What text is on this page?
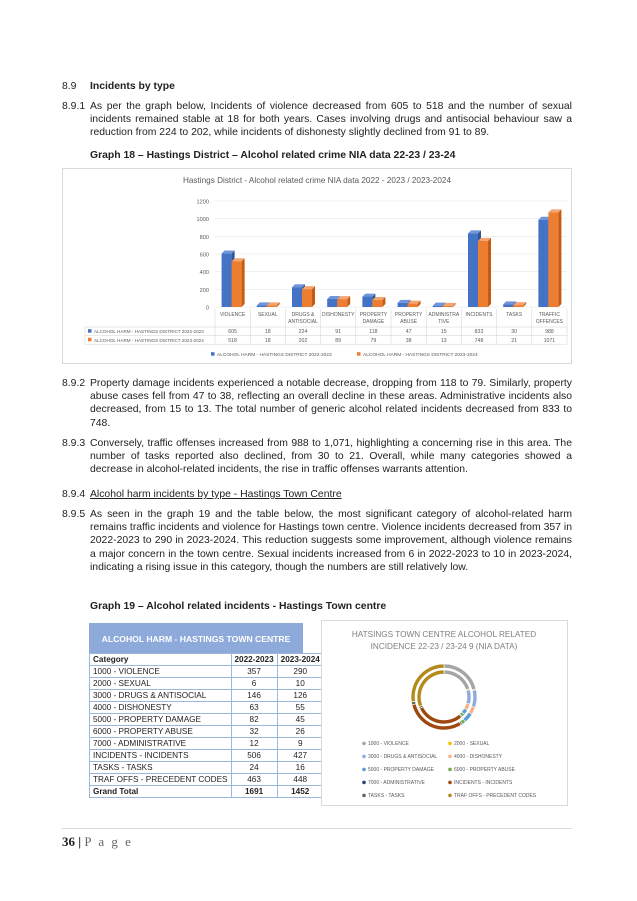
8.9 Incidents by type
8.9.1 As per the graph below, Incidents of violence decreased from 605 to 518 and the number of sexual incidents remained stable at 18 for both years. Cases involving drugs and antisocial behaviour saw a reduction from 224 to 202, while incidents of dishonesty slightly declined from 91 to 89.
Graph 18 – Hastings District – Alcohol related crime NIA data 22-23 / 23-24
Hastings District - Alcohol related crime NIA data 2022 - 2023 / 2023-2024
0
200
400
600
800
1000
1200
VIOLENCE	SEXUAL	DRUGS &
ANTISOCIAL
DISHONESTY PROPERTY
DAMAGE
PROPERTY
ABUSE
ADMINISTRA
TIVE
INCIDENTS	TASKS	TRAFFIC
OFFENCES
ALCOHOL HARM - HASTINGS DISTRICT 2022-2023	605	18	224	91	118	47	15	833	30	988
ALCOHOL HARM - HASTINGS DISTRICT 2023-2024	518	18	202	89	79	38	13	748	21	1071
ALCOHOL HARM - HASTINGS DISTRICT 2022-2023	ALCOHOL HARM - HASTINGS DISTRICT 2023-2024
8.9.2 Property damage incidents experienced a notable decrease, dropping from 118 to 79. Similarly, property abuse cases fell from 47 to 38, reflecting an overall decline in these areas. Administrative incidents also decreased, from 15 to 13. The total number of generic alcohol related incidents decreased from 833 to 748.
8.9.3 Conversely, traffic offenses increased from 988 to 1,071, highlighting a concerning rise in this area. The number of tasks reported also declined, from 30 to 21. Overall, while many categories showed a decrease in alcohol-related incidents, the rise in traffic offenses warrants attention.
8.9.4 Alcohol harm incidents by type - Hastings Town Centre
8.9.5 As seen in the graph 19 and the table below, the most significant category of alcohol-related harm remains traffic incidents and violence for Hastings town centre. Violence incidents decreased from 357 in 2022-2023 to 290 in 2023-2024. This reduction suggests some improvement, although violence remains a major concern in the town centre. Sexual incidents increased from 6 in 2022-2023 to 10 in 2023-2024, indicating a rising issue in this category, though the numbers are still relatively low.
Graph 19 – Alcohol related incidents - Hastings Town centre
ALCOHOL HARM - HASTINGS TOWN CENTRE
Category	2022-2023	2023-2024
1000 - VIOLENCE	357	290
2000 - SEXUAL	6	10
3000 - DRUGS & ANTISOCIAL	146	126
4000 - DISHONESTY	63	55
5000 - PROPERTY DAMAGE	82	45
6000 - PROPERTY ABUSE	32	26
7000 - ADMINISTRATIVE	12	9
INCIDENTS - INCIDENTS	506	427
TASKS - TASKS	24	16
TRAF OFFS - PRECEDENT CODES	463	448
Grand Total	1691	1452
HATSINGS TOWN CENTRE ALCOHOL RELATED
INCIDENCE 22-23 / 23-24 9 (NIA DATA)
1000 - VIOLENCE	2000 - SEXUAL
3000 - DRUGS & ANTISOCIAL	4000 - DISHONESTY
5000 - PROPERTY DAMAGE	6000 - PROPERTY ABUSE
7000 - ADMINISTRATIVE	INCIDENTS - INCIDENTS
TASKS - TASKS	TRAF OFFS - PRECEDENT CODES
36 | P a g e
